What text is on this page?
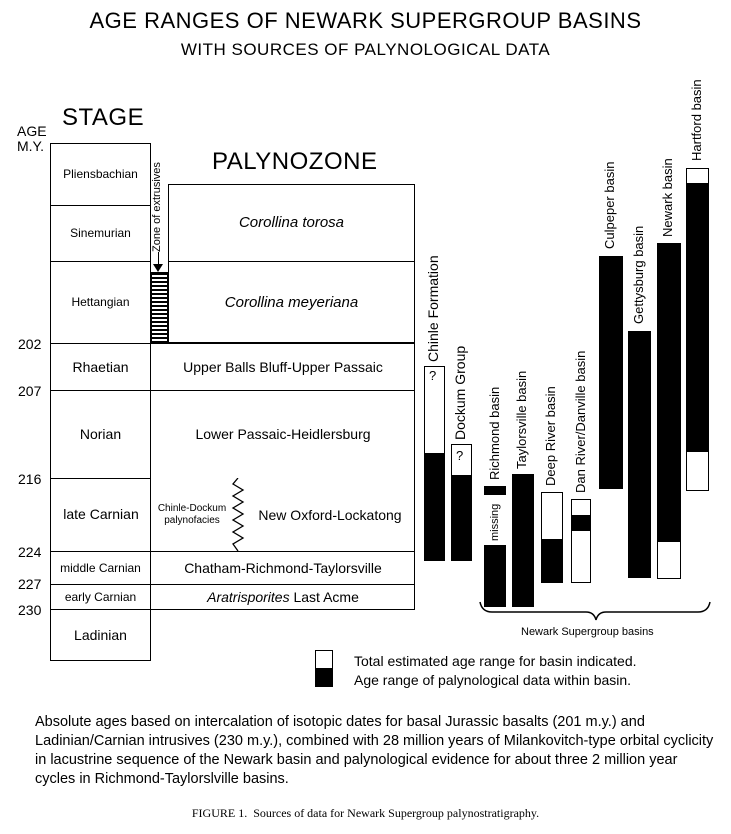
AGE RANGES OF NEWARK SUPERGROUP BASINS
WITH SOURCES OF PALYNOLOGICAL DATA
STAGE
AGE
M.Y.
PALYNOZONE
Pliensbachian
Sinemurian
Hettangian
Rhaetian
Norian
late Carnian
middle Carnian
early Carnian
Ladinian
202
207
216
224
227
230
Zone of extrusives	Corollina torosa
Corollina meyeriana
Upper Balls Bluff-Upper Passaic
Lower Passaic-Heidlersburg
Chinle-Dockum palynofacies	New Oxford-Lockatong
Chatham-Richmond-Taylorsville
Aratrisporites Last Acme
?
?
missing
Chinle Formation
Dockum Group Richmond basin Taylorsville basin Deep River basin Dan River/Danville basin
Culpeper basin
Gettysburg basin
Newark basin
Hartford basin
Newark Supergroup basins
Total estimated age range for basin indicated.
Age range of palynological data within basin.
Absolute ages based on intercalation of isotopic dates for basal Jurassic basalts (201 m.y.) and Ladinian/Carnian intrusives (230 m.y.), combined with 28 million years of Milankovitch-type orbital cyclicity in lacustrine sequence of the Newark basin and palynological evidence for about three 2 million year cycles in Richmond-Taylorslville basins.
FIGURE 1.  Sources of data for Newark Supergroup palynostratigraphy.
